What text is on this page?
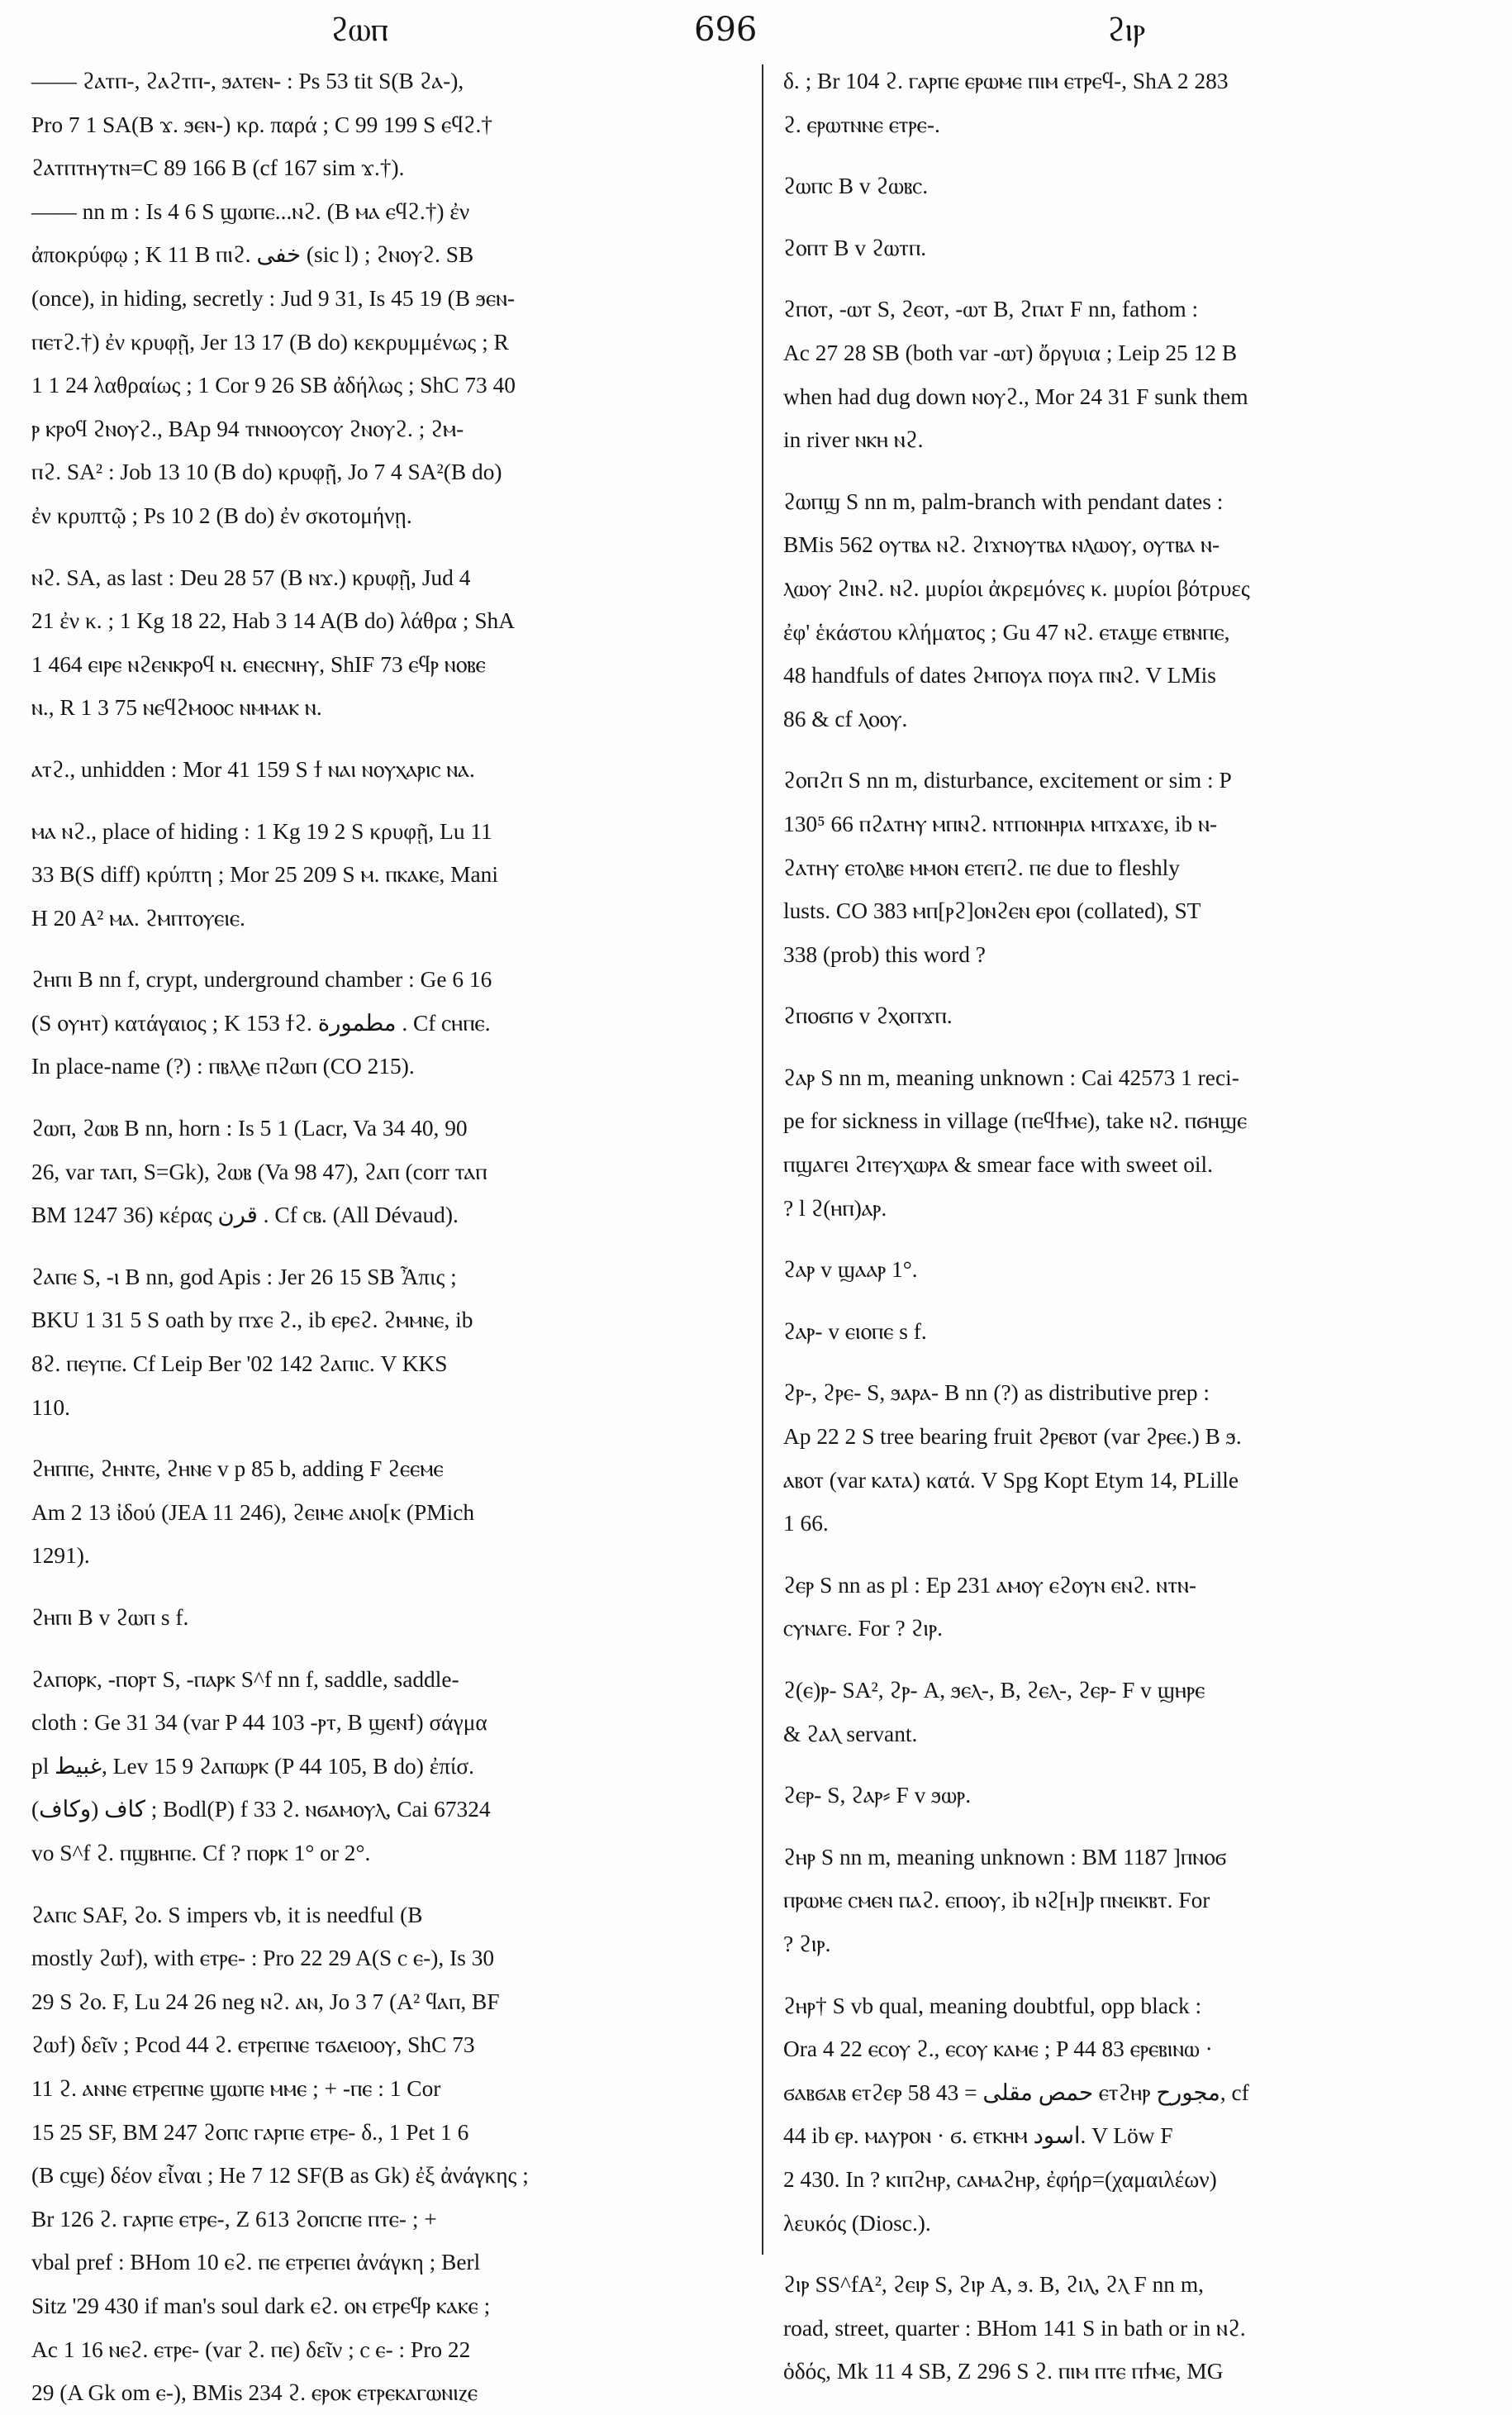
ϩⲱⲡ	696	ϩⲓⲣ
—— ϩⲁⲧⲡ-, ϩⲁϩⲧⲡ-, ϧⲁⲧⲉⲛ- : Ps 53 tit S(B ϩⲁ-),
Pro 7 1 SA(B ϫ. ϧⲉⲛ-) κρ. παρά ; C 99 199 S ⲉϥϩ.†
ϩⲁⲧⲡⲧⲏⲩⲧⲛ=C 89 166 B (cf 167 sim ϫ.†).
—— nn m : Is 4 6 S ϣⲱⲡⲉ...ⲛϩ. (B ⲙⲁ ⲉϥϩ.†) ἐν
ἀποκρύφῳ ; K 11 B ⲡⲓϩ. خفى (sic l) ; ϩⲛⲟⲩϩ. SB
(once), in hiding, secretly : Jud 9 31, Is 45 19 (B ϧⲉⲛ-
ⲡⲉⲧϩ.†) ἐν κρυφῇ, Jer 13 17 (B do) κεκρυμμένως ; R
1 1 24 λαθραίως ; 1 Cor 9 26 SB ἀδήλως ; ShC 73 40
ⲣ ⲕⲣⲟϥ ϩⲛⲟⲩϩ., BAp 94 ⲧⲛⲛⲟⲟⲩⲥⲟⲩ ϩⲛⲟⲩϩ. ; ϩⲙ-
ⲡϩ. SA² : Job 13 10 (B do) κρυφῇ, Jo 7 4 SA²(B do)
ἐν κρυπτῷ ; Ps 10 2 (B do) ἐν σκοτομήνῃ.
ⲛϩ. SA, as last : Deu 28 57 (B ⲛϫ.) κρυφῇ, Jud 4
21 ἐν κ. ; 1 Kg 18 22, Hab 3 14 A(B do) λάθρα ; ShA
1 464 ⲉⲓⲣⲉ ⲛϩⲉⲛⲕⲣⲟϥ ⲛ. ⲉⲛⲉⲥⲛⲏⲩ, ShIF 73 ⲉϥⲣ ⲛⲟⲃⲉ
ⲛ., R 1 3 75 ⲛⲉϥϩⲙⲟⲟⲥ ⲛⲙⲙⲁⲕ ⲛ.
ⲁⲧϩ., unhidden : Mor 41 159 S ϯ ⲛⲁⲓ ⲛⲟⲩⲭⲁⲣⲓⲥ ⲛⲁ.
ⲙⲁ ⲛϩ., place of hiding : 1 Kg 19 2 S κρυφῇ, Lu 11
33 B(S diff) κρύπτη ; Mor 25 209 S ⲙ. ⲡⲕⲁⲕⲉ, Mani
H 20 A² ⲙⲁ. ϩⲙⲡⲧⲟⲩⲉⲓⲉ.
ϩⲏⲡⲓ B nn f, crypt, underground chamber : Ge 6 16
(S ⲟⲩⲏⲧ) κατάγαιος ; K 153 ϯϩ. مطمورة . Cf ⲥⲏⲡⲉ.
In place-name (?) : ⲡⲃⲗⲗⲉ ⲡϩⲱⲡ (CO 215).
ϩⲱⲡ, ϩⲱⲃ B nn, horn : Is 5 1 (Lacr, Va 34 40, 90
26, var ⲧⲁⲡ, S=Gk), ϩⲱⲃ (Va 98 47), ϩⲁⲡ (corr ⲧⲁⲡ
BM 1247 36) κέρας قرن . Cf ⲥⲃ. (All Dévaud).
ϩⲁⲡⲉ S, -ⲓ B nn, god Apis : Jer 26 15 SB Ἆπις ;
BKU 1 31 5 S oath by ⲡϫⲉ ϩ., ib ⲉⲣⲉϩ. ϩⲙⲙⲛⲉ, ib
8ϩ. ⲡⲉⲩⲡⲉ. Cf Leip Ber '02 142 ϩⲁⲡⲓⲥ. V KKS
110.
ϩⲏⲡⲡⲉ, ϩⲏⲛⲧⲉ, ϩⲏⲛⲉ v p 85 b, adding F ϩⲉⲉⲙⲉ
Am 2 13 ἰδού (JEA 11 246), ϩⲉⲓⲙⲉ ⲁⲛⲟ[ⲕ (PMich
1291).
ϩⲏⲡⲓ B v ϩⲱⲡ s f.
ϩⲁⲡⲟⲣⲕ, -ⲡⲟⲣⲧ S, -ⲡⲁⲣⲕ S^f nn f, saddle, saddle-
cloth : Ge 31 34 (var P 44 103 -ⲣⲧ, B ϣⲉⲛϯ) σάγμα
pl غبيط, Lev 15 9 ϩⲁⲡⲱⲣⲕ (P 44 105, B do) ἐπίσ.
كاف (وكاف) ; Bodl(P) f 33 ϩ. ⲛϭⲁⲙⲟⲩⲗ, Cai 67324
vo S^f ϩ. ⲡϣⲃⲏⲡⲉ. Cf ? ⲡⲟⲣⲕ 1° or 2°.
ϩⲁⲡⲥ SAF, ϩⲟ. S impers vb, it is needful (B
mostly ϩⲱϯ), with ⲉⲧⲣⲉ- : Pro 22 29 A(S ⲥ ⲉ-), Is 30
29 S ϩⲟ. F, Lu 24 26 neg ⲛϩ. ⲁⲛ, Jo 3 7 (A² ϥⲁⲡ, BF
ϩⲱϯ) δεῖν ; Pcod 44 ϩ. ⲉⲧⲣⲉⲡⲛⲉ ⲧϭⲁⲉⲓⲟⲟⲩ, ShC 73
11 ϩ. ⲁⲛⲛⲉ ⲉⲧⲣⲉⲡⲛⲉ ϣⲱⲡⲉ ⲙⲙⲉ ; + -ⲡⲉ : 1 Cor
15 25 SF, BM 247 ϩⲟⲡⲥ ⲅⲁⲣⲡⲉ ⲉⲧⲣⲉ- δ., 1 Pet 1 6
(B ⲥϣⲉ) δέον εἶναι ; He 7 12 SF(B as Gk) ἐξ ἀνάγκης ;
Br 126 ϩ. ⲅⲁⲣⲡⲉ ⲉⲧⲣⲉ-, Z 613 ϩⲟⲡⲥⲡⲉ ⲡⲧⲉ- ; +
vbal pref : BHom 10 ⲉϩ. ⲡⲉ ⲉⲧⲣⲉⲡⲉⲓ ἀνάγκη ; Berl
Sitz '29 430 if man's soul dark ⲉϩ. ⲟⲛ ⲉⲧⲣⲉϥⲣ ⲕⲁⲕⲉ ;
Ac 1 16 ⲛⲉϩ. ⲉⲧⲣⲉ- (var ϩ. ⲡⲉ) δεῖν ; ⲥ ⲉ- : Pro 22
29 (A Gk om ⲉ-), BMis 234 ϩ. ⲉⲣⲟⲕ ⲉⲧⲣⲉⲕⲁⲅⲱⲛⲓⲍⲉ
δ. ; Br 104 ϩ. ⲅⲁⲣⲡⲉ ⲉⲣⲱⲙⲉ ⲡⲓⲙ ⲉⲧⲣⲉϥ-, ShA 2 283
ϩ. ⲉⲣⲱⲧⲛⲛⲉ ⲉⲧⲣⲉ-.
ϩⲱⲡⲥ B v ϩⲱⲃⲥ.
ϩⲟⲡⲧ B v ϩⲱⲧⲡ.
ϩⲡⲟⲧ, -ⲱⲧ S, ϩⲉⲟⲧ, -ⲱⲧ B, ϩⲡⲁⲧ F nn, fathom :
Ac 27 28 SB (both var -ⲱⲧ) ὄργυια ; Leip 25 12 B
when had dug down ⲛⲟⲩϩ., Mor 24 31 F sunk them
in river ⲛⲕⲏ ⲛϩ.
ϩⲱⲡϣ S nn m, palm-branch with pendant dates :
BMis 562 ⲟⲩⲧⲃⲁ ⲛϩ. ϩⲓϫⲛⲟⲩⲧⲃⲁ ⲛⲗⲱⲟⲩ, ⲟⲩⲧⲃⲁ ⲛ-
ⲗⲱⲟⲩ ϩⲓⲛϩ. ⲛϩ. μυρίοι ἀκρεμόνες κ. μυρίοι βότρυες
ἐφ' ἑκάστου κλήματος ; Gu 47 ⲛϩ. ⲉⲧⲁϣⲉ ⲉⲧⲃⲛⲡⲉ,
48 handfuls of dates ϩⲙⲡⲟⲩⲁ ⲡⲟⲩⲁ ⲡⲛϩ. V LMis
86 & cf ⲗⲟⲟⲩ.
ϩⲟⲡϩⲡ S nn m, disturbance, excitement or sim : P
130⁵ 66 ⲡϩⲁⲧⲏⲩ ⲙⲡⲛϩ. ⲛⲧⲡⲟⲛⲏⲣⲓⲁ ⲙⲡϫⲁϫⲉ, ib ⲛ-
ϩⲁⲧⲏⲩ ⲉⲧⲟⲗⲃⲉ ⲙⲙⲟⲛ ⲉⲧⲉⲡϩ. ⲡⲉ due to fleshly
lusts. CO 383 ⲙⲡ[ⲣϩ]ⲟⲛϩⲉⲛ ⲉⲣⲟⲓ (collated), ST
338 (prob) this word ?
ϩⲡⲟϭⲡϭ v ϩⲭⲟⲡϫⲡ.
ϩⲁⲣ S nn m, meaning unknown : Cai 42573 1 reci-
pe for sickness in village (ⲡⲉϥϯⲙⲉ), take ⲛϩ. ⲡϭⲏϣⲉ
ⲡϣⲁⲅⲉⲓ ϩⲓⲧⲉⲩⲭⲱⲣⲁ & smear face with sweet oil.
? l ϩ(ⲏⲡ)ⲁⲣ.
ϩⲁⲣ v ϣⲁⲁⲣ 1°.
ϩⲁⲣ- v ⲉⲓⲟⲡⲉ s f.
ϩⲣ-, ϩⲣⲉ- S, ϧⲁⲣⲁ- B nn (?) as distributive prep :
Ap 22 2 S tree bearing fruit ϩⲣⲉⲃⲟⲧ (var ϩⲣⲉⲉ.) B ϧ.
ⲁⲃⲟⲧ (var ⲕⲁⲧⲁ) κατά. V Spg Kopt Etym 14, PLille
1 66.
ϩⲉⲣ S nn as pl : Ep 231 ⲁⲙⲟⲩ ⲉϩⲟⲩⲛ ⲉⲛϩ. ⲛⲧⲛ-
ⲥⲩⲛⲁⲅⲉ. For ? ϩⲓⲣ.
ϩ(ⲉ)ⲣ- SA², ϩⲣ- A, ϧⲉⲗ-, B, ϩⲉⲗ-, ϩⲉⲣ- F v ϣⲏⲣⲉ
& ϩⲁⲗ servant.
ϩⲉⲣ- S, ϩⲁⲣ⸗ F v ϧⲱⲣ.
ϩⲏⲣ S nn m, meaning unknown : BM 1187 ]ⲡⲛⲟϭ
ⲡⲣⲱⲙⲉ ⲥⲙⲉⲛ ⲡⲁϩ. ⲉⲡⲟⲟⲩ, ib ⲛϩ[ⲏ]ⲣ ⲡⲛⲉⲓⲕⲃⲧ. For
? ϩⲓⲣ.
ϩⲏⲣ† S vb qual, meaning doubtful, opp black :
Ora 4 22 ⲉⲥⲟⲩ ϩ., ⲉⲥⲟⲩ ⲕⲁⲙⲉ ; P 44 83 ⲉⲣⲉⲃⲓⲛⲱ ·
ϭⲁⲃϭⲁⲃ ⲉⲧϩⲉⲣ حمص مقلى = 43 58 ⲉⲧϩⲏⲣ مجورح, cf
44 ib ⲉⲣ. ⲙⲁⲩⲣⲟⲛ · ϭ. ⲉⲧⲕⲏⲙ اسود. V Löw F
2 430. In ? ⲕⲓⲡϩⲏⲣ, ⲥⲁⲙⲁϩⲏⲣ, ἐφήρ=(χαμαιλέων)
λευκός (Diosc.).
ϩⲓⲣ SS^fA², ϩⲉⲓⲣ S, ϩⲓⲣ A, ϧ. B, ϩⲓⲗ, ϩⲗ F nn m,
road, street, quarter : BHom 141 S in bath or in ⲛϩ.
ὁδός, Mk 11 4 SB, Z 296 S ϩ. ⲡⲓⲙ ⲡⲧⲉ ⲡϯⲙⲉ, MG
